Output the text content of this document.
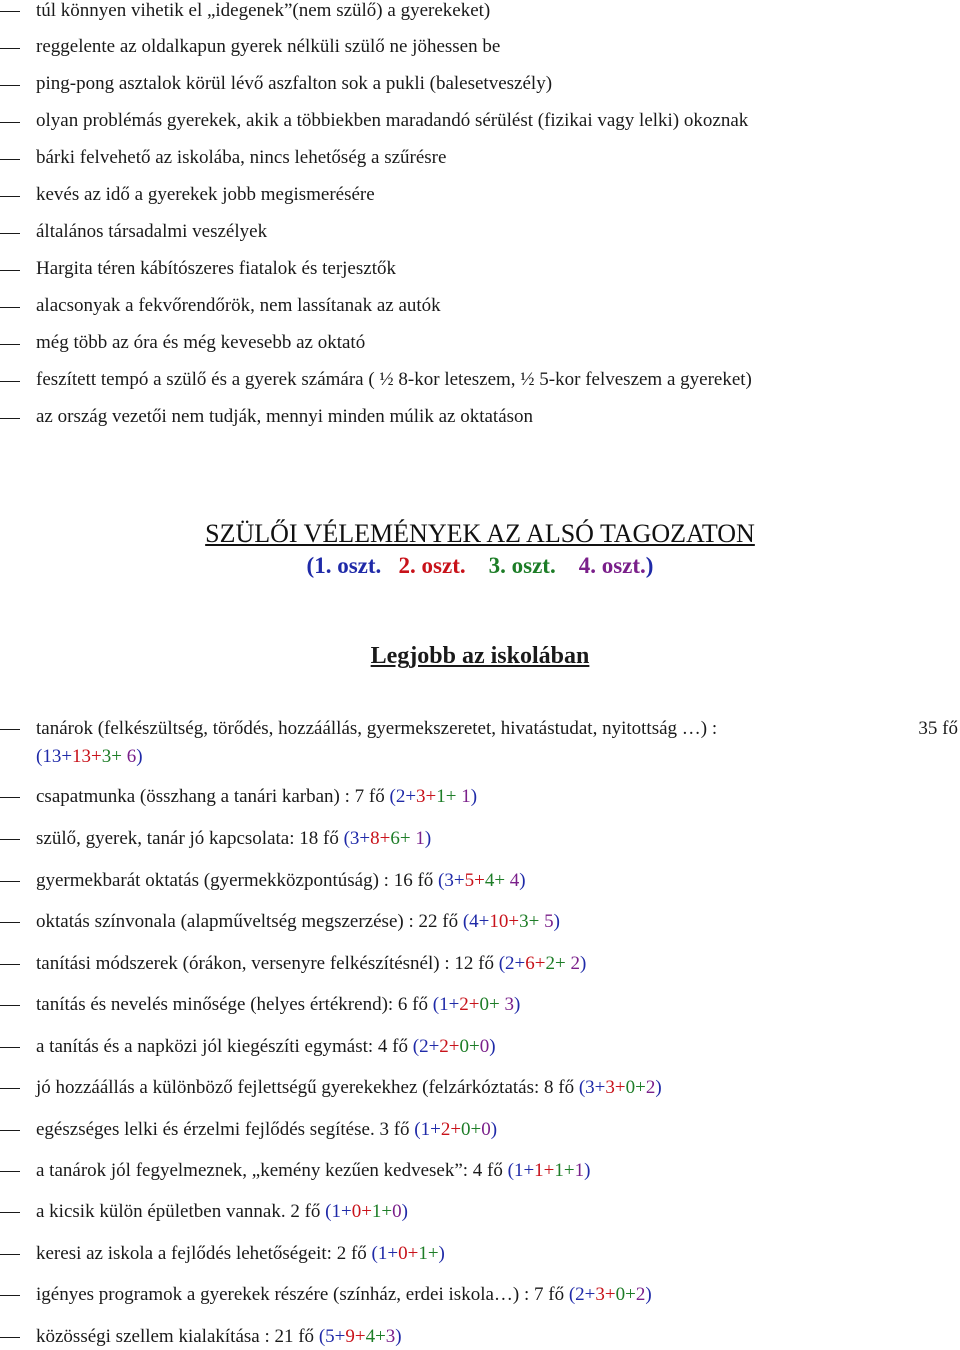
túl könnyen vihetik el „idegenek”(nem szülő) a gyerekeket)
reggelente az oldalkapun gyerek nélküli szülő ne jöhessen be
ping-pong asztalok körül lévő aszfalton sok a pukli (balesetveszély)
olyan problémás gyerekek, akik a többiekben maradandó sérülést (fizikai vagy lelki) okoznak
bárki felvehető az iskolába, nincs lehetőség a szűrésre
kevés az idő a gyerekek jobb megismerésére
általános társadalmi veszélyek
Hargita téren kábítószeres fiatalok és terjesztők
alacsonyak a fekvőrendőrök, nem lassítanak az autók
még több az óra és még kevesebb az oktató
feszített tempó a szülő és a gyerek számára ( ½ 8-kor leteszem, ½ 5-kor felveszem a gyereket)
az ország vezetői nem tudják, mennyi minden múlik az oktatáson
SZÜLŐI VÉLEMÉNYEK AZ ALSÓ TAGOZATON
(1. oszt. 2. oszt. 3. oszt. 4. oszt.)
Legjobb az iskolában
tanárok (felkészültség, törődés, hozzáállás, gyermekszeretet, hivatástudat, nyitottság …) :
(13+13+3+ 6)
35 fő
csapatmunka (összhang a tanári karban) : 7 fő (2+3+1+ 1)
szülő, gyerek, tanár jó kapcsolata: 18 fő (3+8+6+ 1)
gyermekbarát oktatás (gyermekközpontúság) : 16 fő (3+5+4+ 4)
oktatás színvonala (alapműveltség megszerzése) : 22 fő (4+10+3+ 5)
tanítási módszerek (órákon, versenyre felkészítésnél) : 12 fő (2+6+2+ 2)
tanítás és nevelés minősége (helyes értékrend): 6 fő (1+2+0+ 3)
a tanítás és a napközi jól kiegészíti egymást: 4 fő (2+2+0+0)
jó hozzáállás a különböző fejlettségű gyerekekhez (felzárkóztatás: 8 fő (3+3+0+2)
egészséges lelki és érzelmi fejlődés segítése. 3 fő (1+2+0+0)
a tanárok jól fegyelmeznek, „kemény kezűen kedvesek”: 4 fő (1+1+1+1)
a kicsik külön épületben vannak. 2 fő (1+0+1+0)
keresi az iskola a fejlődés lehetőségeit: 2 fő (1+0+1+)
igényes programok a gyerekek részére (színház, erdei iskola…) : 7 fő (2+3+0+2)
közösségi szellem kialakítása : 21 fő (5+9+4+3)
